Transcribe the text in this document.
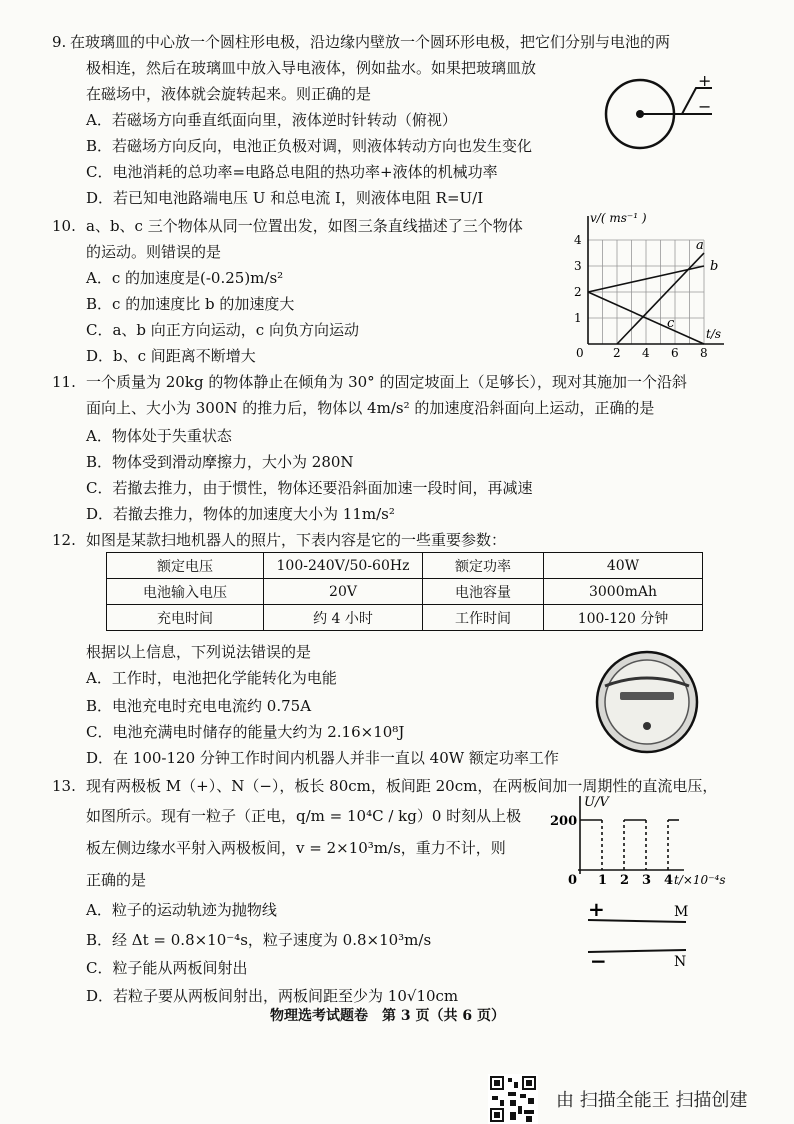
9. 在玻璃皿的中心放一个圆柱形电极，沿边缘内壁放一个圆环形电极，把它们分别与电池的两
极相连，然后在玻璃皿中放入导电液体，例如盐水。如果把玻璃皿放
在磁场中，液体就会旋转起来。则正确的是
A．若磁场方向垂直纸面向里，液体逆时针转动（俯视）
B．若磁场方向反向，电池正负极对调，则液体转动方向也发生变化
C．电池消耗的总功率=电路总电阻的热功率+液体的机械功率
D．若已知电池路端电压 U 和总电流 I，则液体电阻 R=U/I
+
−
10. a、b、c 三个物体从同一位置出发，如图三条直线描述了三个物体
的运动。则错误的是
A．c 的加速度是(-0.25)m/s²
B．c 的加速度比 b 的加速度大
C．a、b 向正方向运动，c 向负方向运动
D．b、c 间距离不断增大
v/( ms⁻¹ )
t/s
0 2 4 6 8
1
2
3
4	a
b
c
11. 一个质量为 20kg 的物体静止在倾角为 30° 的固定坡面上（足够长），现对其施加一个沿斜
面向上、大小为 300N 的推力后，物体以 4m/s² 的加速度沿斜面向上运动，正确的是
A．物体处于失重状态
B．物体受到滑动摩擦力，大小为 280N
C．若撤去推力，由于惯性，物体还要沿斜面加速一段时间，再减速
D．若撤去推力，物体的加速度大小为 11m/s²
12. 如图是某款扫地机器人的照片，下表内容是它的一些重要参数：
额定电压	100-240V/50-60Hz	额定功率	40W
电池输入电压	20V	电池容量	3000mAh
充电时间	约 4 小时	工作时间	100-120 分钟
根据以上信息，下列说法错误的是
A．工作时，电池把化学能转化为电能
B．电池充电时充电电流约 0.75A
C．电池充满电时储存的能量大约为 2.16×10⁸J
D．在 100-120 分钟工作时间内机器人并非一直以 40W 额定功率工作
13. 现有两极板 M（+）、N（−），板长 80cm，板间距 20cm，在两板间加一周期性的直流电压，
如图所示。现有一粒子（正电，q/m = 10⁴C / kg）0 时刻从上极
板左侧边缘水平射入两极板间，v = 2×10³m/s，重力不计，则
正确的是
A．粒子的运动轨迹为抛物线
B．经 Δt = 0.8×10⁻⁴s，粒子速度为 0.8×10³m/s
C．粒子能从两板间射出
D．若粒子要从两板间射出，两板间距至少为 10√10cm
U/V
t/×10⁻⁴s
200
0 1 2 3 4
+
−
M
N
物理选考试题卷　第 3 页（共 6 页）
由 扫描全能王 扫描创建
